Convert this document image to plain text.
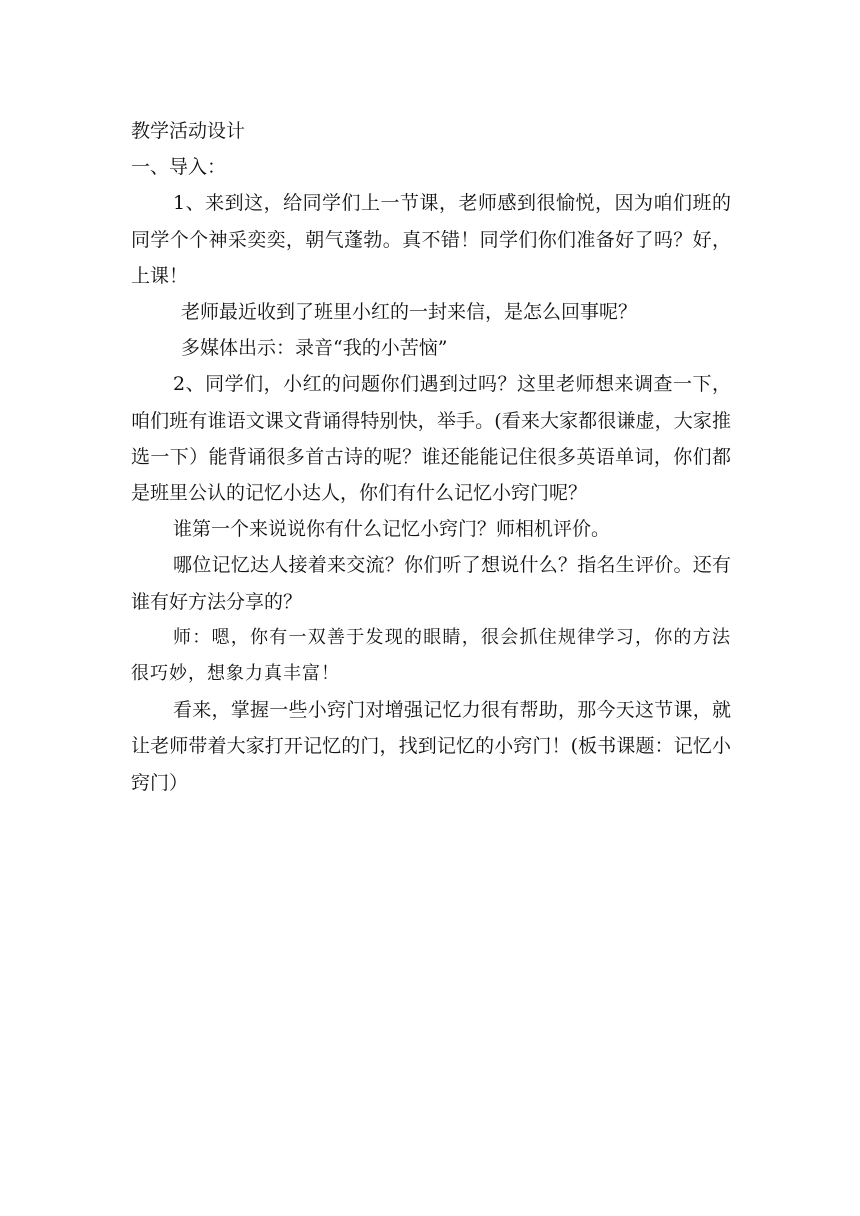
教学活动设计

一、导入：

1、来到这，给同学们上一节课，老师感到很愉悦，因为咱们班的同学个个神采奕奕，朝气蓬勃。真不错！同学们你们准备好了吗？好，上课！

老师最近收到了班里小红的一封来信，是怎么回事呢？

多媒体出示：录音“我的小苦恼”

2、同学们，小红的问题你们遇到过吗？这里老师想来调查一下，咱们班有谁语文课文背诵得特别快，举手。(看来大家都很谦虚，大家推选一下）能背诵很多首古诗的呢？谁还能能记住很多英语单词，你们都是班里公认的记忆小达人，你们有什么记忆小窍门呢？

谁第一个来说说你有什么记忆小窍门？师相机评价。

哪位记忆达人接着来交流？你们听了想说什么？指名生评价。还有谁有好方法分享的？

师：嗯，你有一双善于发现的眼睛，很会抓住规律学习，你的方法很巧妙，想象力真丰富！

看来，掌握一些小窍门对增强记忆力很有帮助，那今天这节课，就让老师带着大家打开记忆的门，找到记忆的小窍门！(板书课题：记忆小窍门）
